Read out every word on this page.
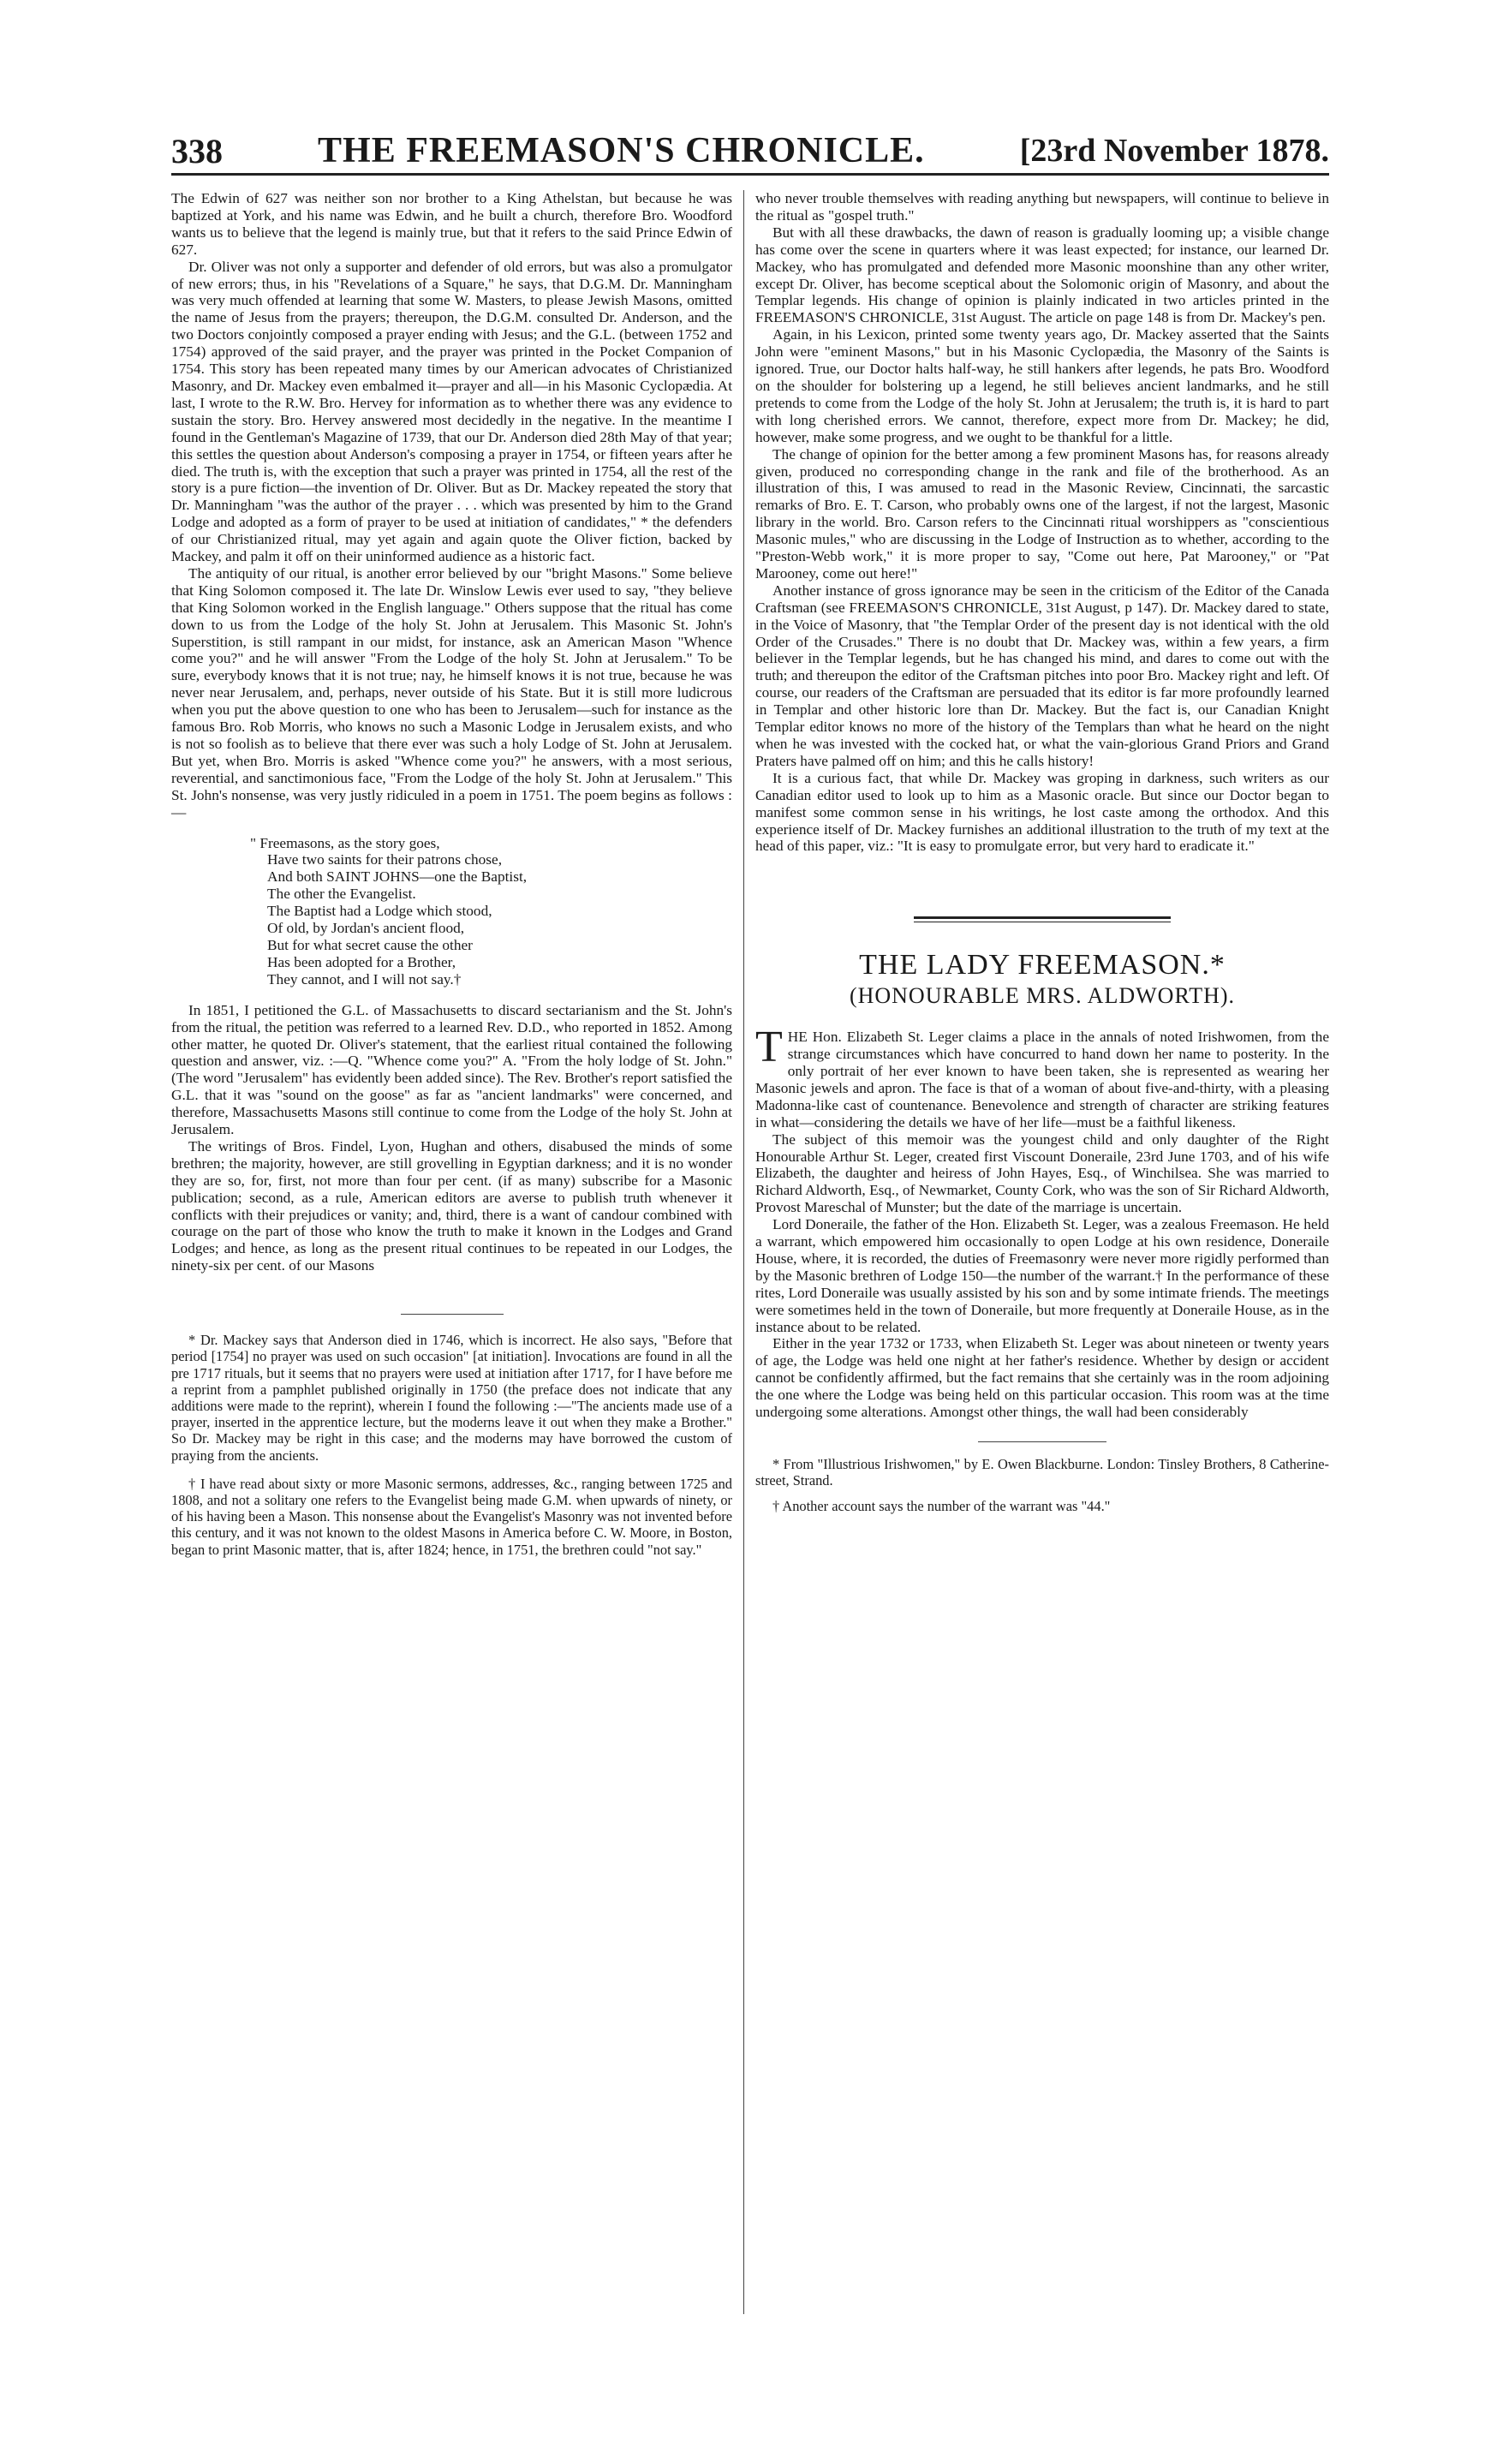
338	THE FREEMASON'S CHRONICLE.	[23rd November 1878.

The Edwin of 627 was neither son nor brother to a King Athelstan, but because he was baptized at York, and his name was Edwin, and he built a church, therefore Bro. Woodford wants us to believe that the legend is mainly true, but that it refers to the said Prince Edwin of 627.

Dr. Oliver was not only a supporter and defender of old errors, but was also a promulgator of new errors; thus, in his "Revelations of a Square," he says, that D.G.M. Dr. Manningham was very much offended at learning that some W. Masters, to please Jewish Masons, omitted the name of Jesus from the prayers; thereupon, the D.G.M. consulted Dr. Anderson, and the two Doctors conjointly composed a prayer ending with Jesus; and the G.L. (between 1752 and 1754) approved of the said prayer, and the prayer was printed in the Pocket Companion of 1754. This story has been repeated many times by our American advocates of Christianized Masonry, and Dr. Mackey even embalmed it—prayer and all—in his Masonic Cyclopædia. At last, I wrote to the R.W. Bro. Hervey for information as to whether there was any evidence to sustain the story. Bro. Hervey answered most decidedly in the negative. In the meantime I found in the Gentleman's Magazine of 1739, that our Dr. Anderson died 28th May of that year; this settles the question about Anderson's composing a prayer in 1754, or fifteen years after he died. The truth is, with the exception that such a prayer was printed in 1754, all the rest of the story is a pure fiction—the invention of Dr. Oliver. But as Dr. Mackey repeated the story that Dr. Manningham "was the author of the prayer . . . which was presented by him to the Grand Lodge and adopted as a form of prayer to be used at initiation of candidates," * the defenders of our Christianized ritual, may yet again and again quote the Oliver fiction, backed by Mackey, and palm it off on their uninformed audience as a historic fact.

The antiquity of our ritual, is another error believed by our "bright Masons." Some believe that King Solomon composed it. The late Dr. Winslow Lewis ever used to say, "they believe that King Solomon worked in the English language." Others suppose that the ritual has come down to us from the Lodge of the holy St. John at Jerusalem. This Masonic St. John's Superstition, is still rampant in our midst, for instance, ask an American Mason "Whence come you?" and he will answer "From the Lodge of the holy St. John at Jerusalem." To be sure, everybody knows that it is not true; nay, he himself knows it is not true, because he was never near Jerusalem, and, perhaps, never outside of his State. But it is still more ludicrous when you put the above question to one who has been to Jerusalem—such for instance as the famous Bro. Rob Morris, who knows no such a Masonic Lodge in Jerusalem exists, and who is not so foolish as to believe that there ever was such a holy Lodge of St. John at Jerusalem. But yet, when Bro. Morris is asked "Whence come you?" he answers, with a most serious, reverential, and sanctimonious face, "From the Lodge of the holy St. John at Jerusalem." This St. John's nonsense, was very justly ridiculed in a poem in 1751. The poem begins as follows :—

" Freemasons, as the story goes,
Have two saints for their patrons chose,
And both SAINT JOHNS—one the Baptist,
The other the Evangelist.
The Baptist had a Lodge which stood,
Of old, by Jordan's ancient flood,
But for what secret cause the other
Has been adopted for a Brother,
They cannot, and I will not say.†

In 1851, I petitioned the G.L. of Massachusetts to discard sectarianism and the St. John's from the ritual, the petition was referred to a learned Rev. D.D., who reported in 1852. Among other matter, he quoted Dr. Oliver's statement, that the earliest ritual contained the following question and answer, viz. :—Q. "Whence come you?" A. "From the holy lodge of St. John." (The word "Jerusalem" has evidently been added since). The Rev. Brother's report satisfied the G.L. that it was "sound on the goose" as far as "ancient landmarks" were concerned, and therefore, Massachusetts Masons still continue to come from the Lodge of the holy St. John at Jerusalem.

The writings of Bros. Findel, Lyon, Hughan and others, disabused the minds of some brethren; the majority, however, are still grovelling in Egyptian darkness; and it is no wonder they are so, for, first, not more than four per cent. (if as many) subscribe for a Masonic publication; second, as a rule, American editors are averse to publish truth whenever it conflicts with their prejudices or vanity; and, third, there is a want of candour combined with courage on the part of those who know the truth to make it known in the Lodges and Grand Lodges; and hence, as long as the present ritual continues to be repeated in our Lodges, the ninety-six per cent. of our Masons

* Dr. Mackey says that Anderson died in 1746, which is incorrect. He also says, "Before that period [1754] no prayer was used on such occasion" [at initiation]. Invocations are found in all the pre 1717 rituals, but it seems that no prayers were used at initiation after 1717, for I have before me a reprint from a pamphlet published originally in 1750 (the preface does not indicate that any additions were made to the reprint), wherein I found the following :—"The ancients made use of a prayer, inserted in the apprentice lecture, but the moderns leave it out when they make a Brother." So Dr. Mackey may be right in this case; and the moderns may have borrowed the custom of praying from the ancients.

† I have read about sixty or more Masonic sermons, addresses, &c., ranging between 1725 and 1808, and not a solitary one refers to the Evangelist being made G.M. when upwards of ninety, or of his having been a Mason. This nonsense about the Evangelist's Masonry was not invented before this century, and it was not known to the oldest Masons in America before C. W. Moore, in Boston, began to print Masonic matter, that is, after 1824; hence, in 1751, the brethren could "not say."

who never trouble themselves with reading anything but newspapers, will continue to believe in the ritual as "gospel truth."

But with all these drawbacks, the dawn of reason is gradually looming up; a visible change has come over the scene in quarters where it was least expected; for instance, our learned Dr. Mackey, who has promulgated and defended more Masonic moonshine than any other writer, except Dr. Oliver, has become sceptical about the Solomonic origin of Masonry, and about the Templar legends. His change of opinion is plainly indicated in two articles printed in the FREEMASON'S CHRONICLE, 31st August. The article on page 148 is from Dr. Mackey's pen.

Again, in his Lexicon, printed some twenty years ago, Dr. Mackey asserted that the Saints John were "eminent Masons," but in his Masonic Cyclopædia, the Masonry of the Saints is ignored. True, our Doctor halts half-way, he still hankers after legends, he pats Bro. Woodford on the shoulder for bolstering up a legend, he still believes ancient landmarks, and he still pretends to come from the Lodge of the holy St. John at Jerusalem; the truth is, it is hard to part with long cherished errors. We cannot, therefore, expect more from Dr. Mackey; he did, however, make some progress, and we ought to be thankful for a little.

The change of opinion for the better among a few prominent Masons has, for reasons already given, produced no corresponding change in the rank and file of the brotherhood. As an illustration of this, I was amused to read in the Masonic Review, Cincinnati, the sarcastic remarks of Bro. E. T. Carson, who probably owns one of the largest, if not the largest, Masonic library in the world. Bro. Carson refers to the Cincinnati ritual worshippers as "conscientious Masonic mules," who are discussing in the Lodge of Instruction as to whether, according to the "Preston-Webb work," it is more proper to say, "Come out here, Pat Marooney," or "Pat Marooney, come out here!"

Another instance of gross ignorance may be seen in the criticism of the Editor of the Canada Craftsman (see FREEMASON'S CHRONICLE, 31st August, p 147). Dr. Mackey dared to state, in the Voice of Masonry, that "the Templar Order of the present day is not identical with the old Order of the Crusades." There is no doubt that Dr. Mackey was, within a few years, a firm believer in the Templar legends, but he has changed his mind, and dares to come out with the truth; and thereupon the editor of the Craftsman pitches into poor Bro. Mackey right and left. Of course, our readers of the Craftsman are persuaded that its editor is far more profoundly learned in Templar and other historic lore than Dr. Mackey. But the fact is, our Canadian Knight Templar editor knows no more of the history of the Templars than what he heard on the night when he was invested with the cocked hat, or what the vain-glorious Grand Priors and Grand Praters have palmed off on him; and this he calls history!

It is a curious fact, that while Dr. Mackey was groping in darkness, such writers as our Canadian editor used to look up to him as a Masonic oracle. But since our Doctor began to manifest some common sense in his writings, he lost caste among the orthodox. And this experience itself of Dr. Mackey furnishes an additional illustration to the truth of my text at the head of this paper, viz.: "It is easy to promulgate error, but very hard to eradicate it."

THE LADY FREEMASON.*
(HONOURABLE MRS. ALDWORTH).

THE Hon. Elizabeth St. Leger claims a place in the annals of noted Irishwomen, from the strange circumstances which have concurred to hand down her name to posterity. In the only portrait of her ever known to have been taken, she is represented as wearing her Masonic jewels and apron. The face is that of a woman of about five-and-thirty, with a pleasing Madonna-like cast of countenance. Benevolence and strength of character are striking features in what—considering the details we have of her life—must be a faithful likeness.

The subject of this memoir was the youngest child and only daughter of the Right Honourable Arthur St. Leger, created first Viscount Doneraile, 23rd June 1703, and of his wife Elizabeth, the daughter and heiress of John Hayes, Esq., of Winchilsea. She was married to Richard Aldworth, Esq., of Newmarket, County Cork, who was the son of Sir Richard Aldworth, Provost Mareschal of Munster; but the date of the marriage is uncertain.

Lord Doneraile, the father of the Hon. Elizabeth St. Leger, was a zealous Freemason. He held a warrant, which empowered him occasionally to open Lodge at his own residence, Doneraile House, where, it is recorded, the duties of Freemasonry were never more rigidly performed than by the Masonic brethren of Lodge 150—the number of the warrant.† In the performance of these rites, Lord Doneraile was usually assisted by his son and by some intimate friends. The meetings were sometimes held in the town of Doneraile, but more frequently at Doneraile House, as in the instance about to be related.

Either in the year 1732 or 1733, when Elizabeth St. Leger was about nineteen or twenty years of age, the Lodge was held one night at her father's residence. Whether by design or accident cannot be confidently affirmed, but the fact remains that she certainly was in the room adjoining the one where the Lodge was being held on this particular occasion. This room was at the time undergoing some alterations. Amongst other things, the wall had been considerably

* From "Illustrious Irishwomen," by E. Owen Blackburne. London: Tinsley Brothers, 8 Catherine-street, Strand.

† Another account says the number of the warrant was "44."
